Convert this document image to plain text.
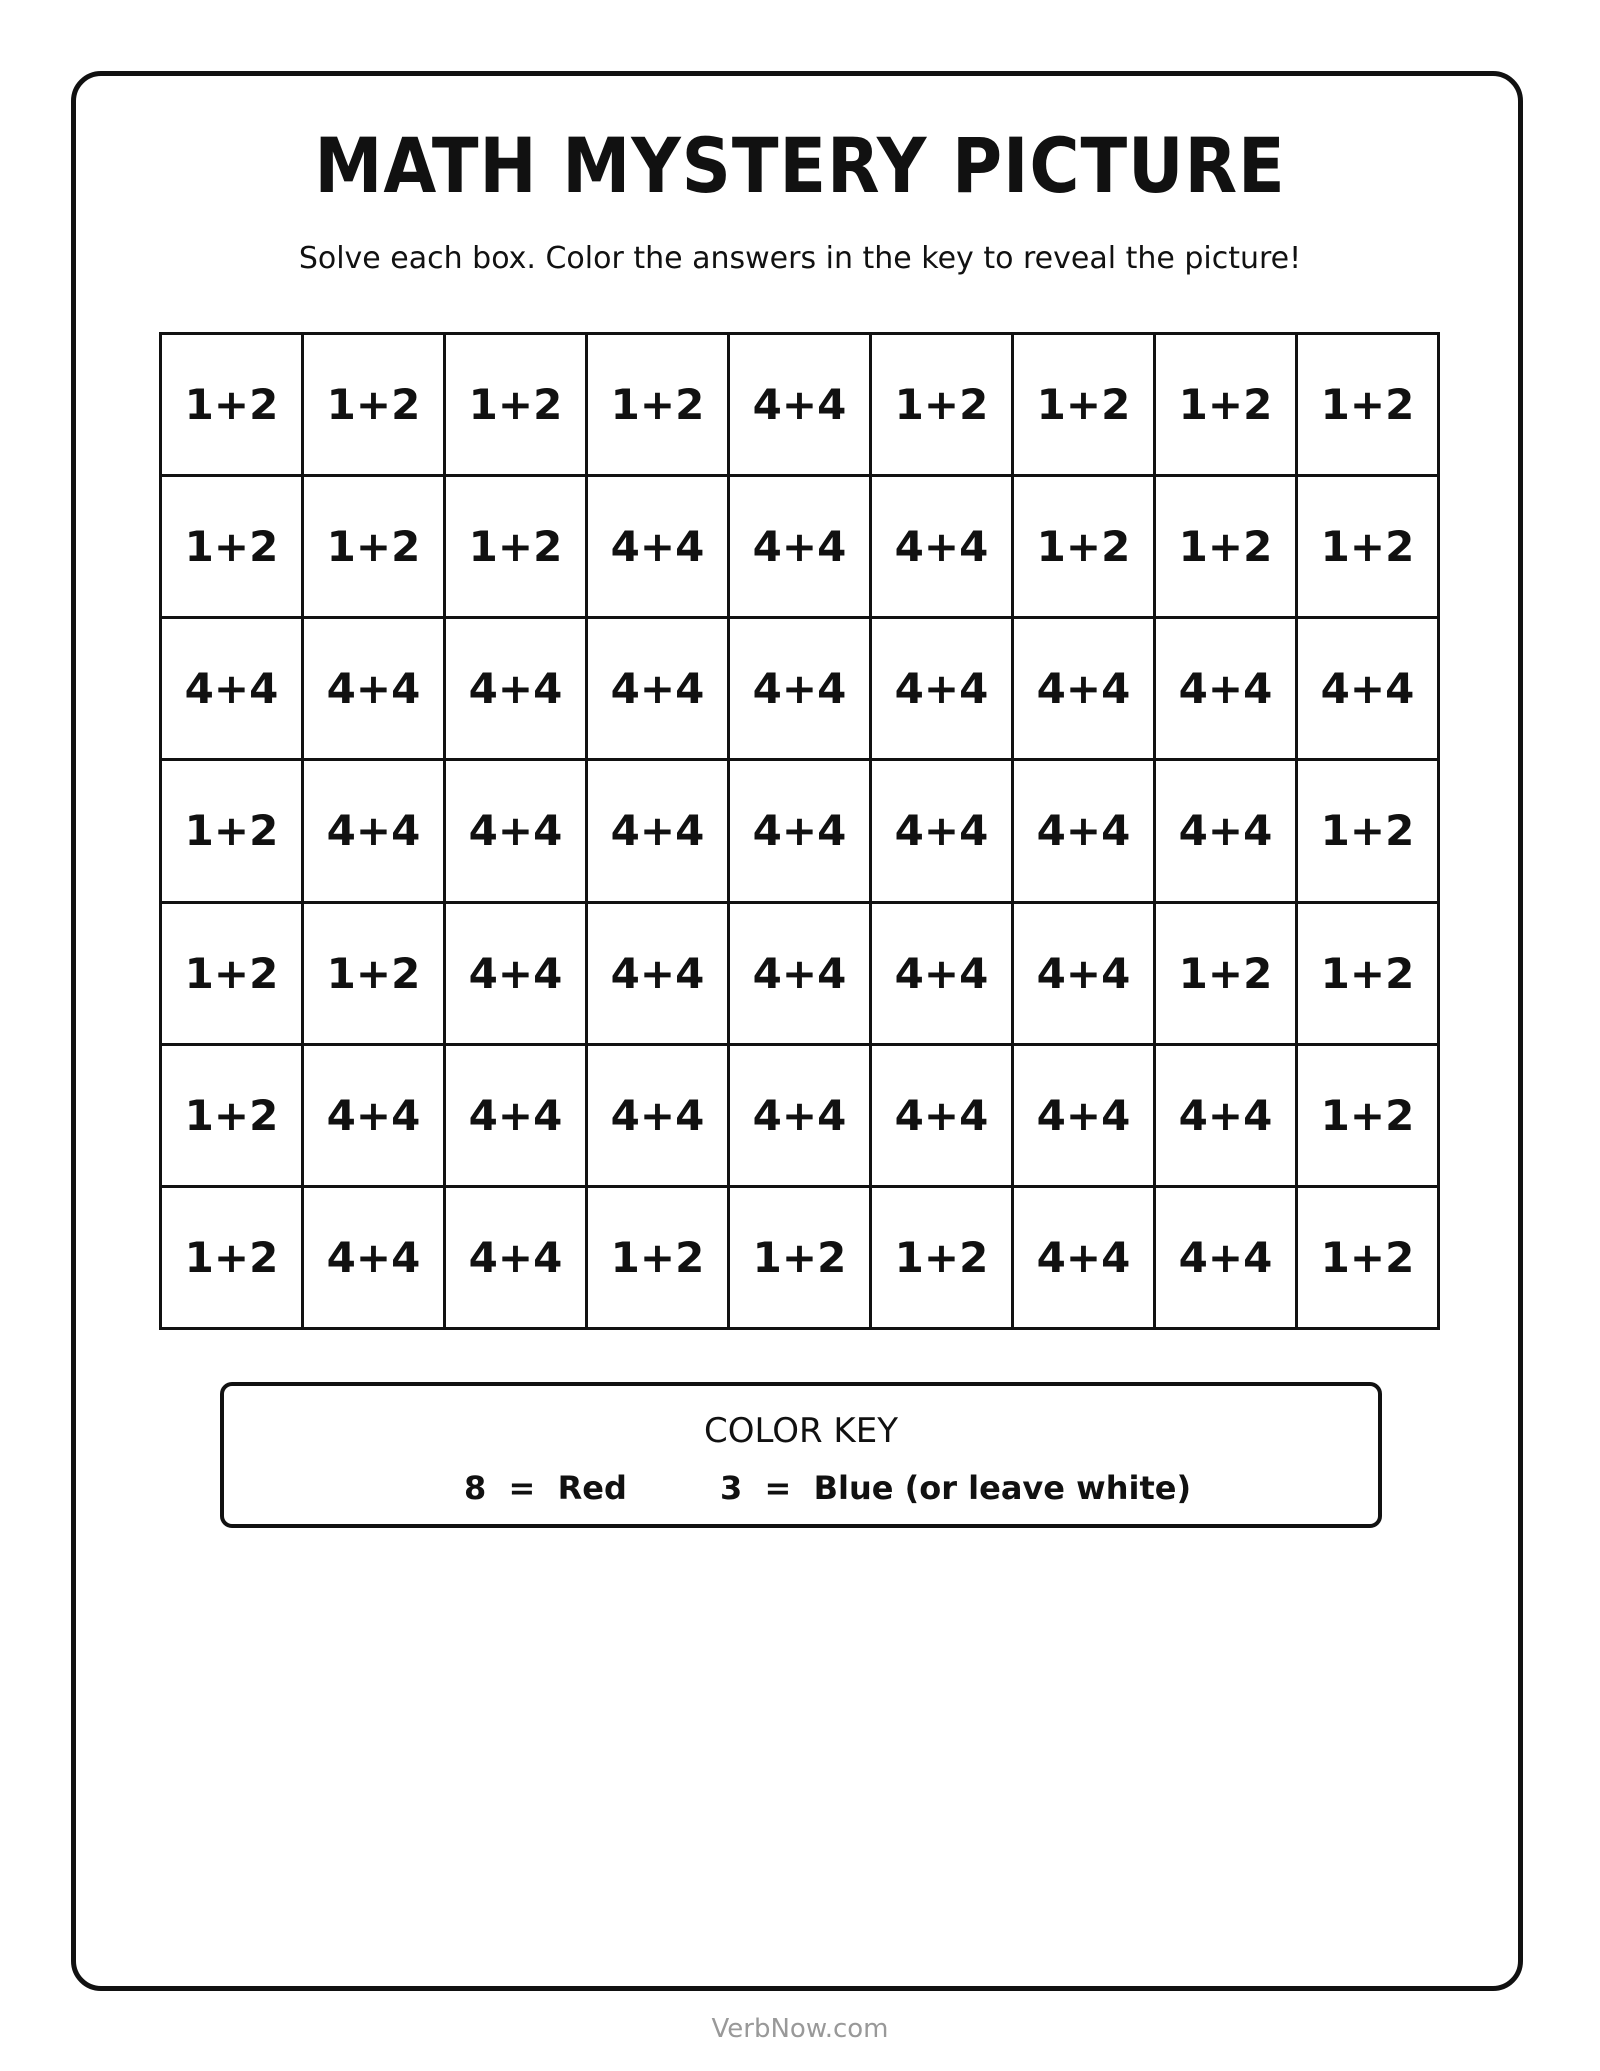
MATH MYSTERY PICTURE
Solve each box. Color the answers in the key to reveal the picture!
1+2	1+2	1+2	1+2	4+4	1+2	1+2	1+2	1+2
1+2	1+2	1+2	4+4	4+4	4+4	1+2	1+2	1+2
4+4	4+4	4+4	4+4	4+4	4+4	4+4	4+4	4+4
1+2	4+4	4+4	4+4	4+4	4+4	4+4	4+4	1+2
1+2	1+2	4+4	4+4	4+4	4+4	4+4	1+2	1+2
1+2	4+4	4+4	4+4	4+4	4+4	4+4	4+4	1+2
1+2	4+4	4+4	1+2	1+2	1+2	4+4	4+4	1+2
COLOR KEY
8  =  Red	3  =  Blue (or leave white)
VerbNow.com
